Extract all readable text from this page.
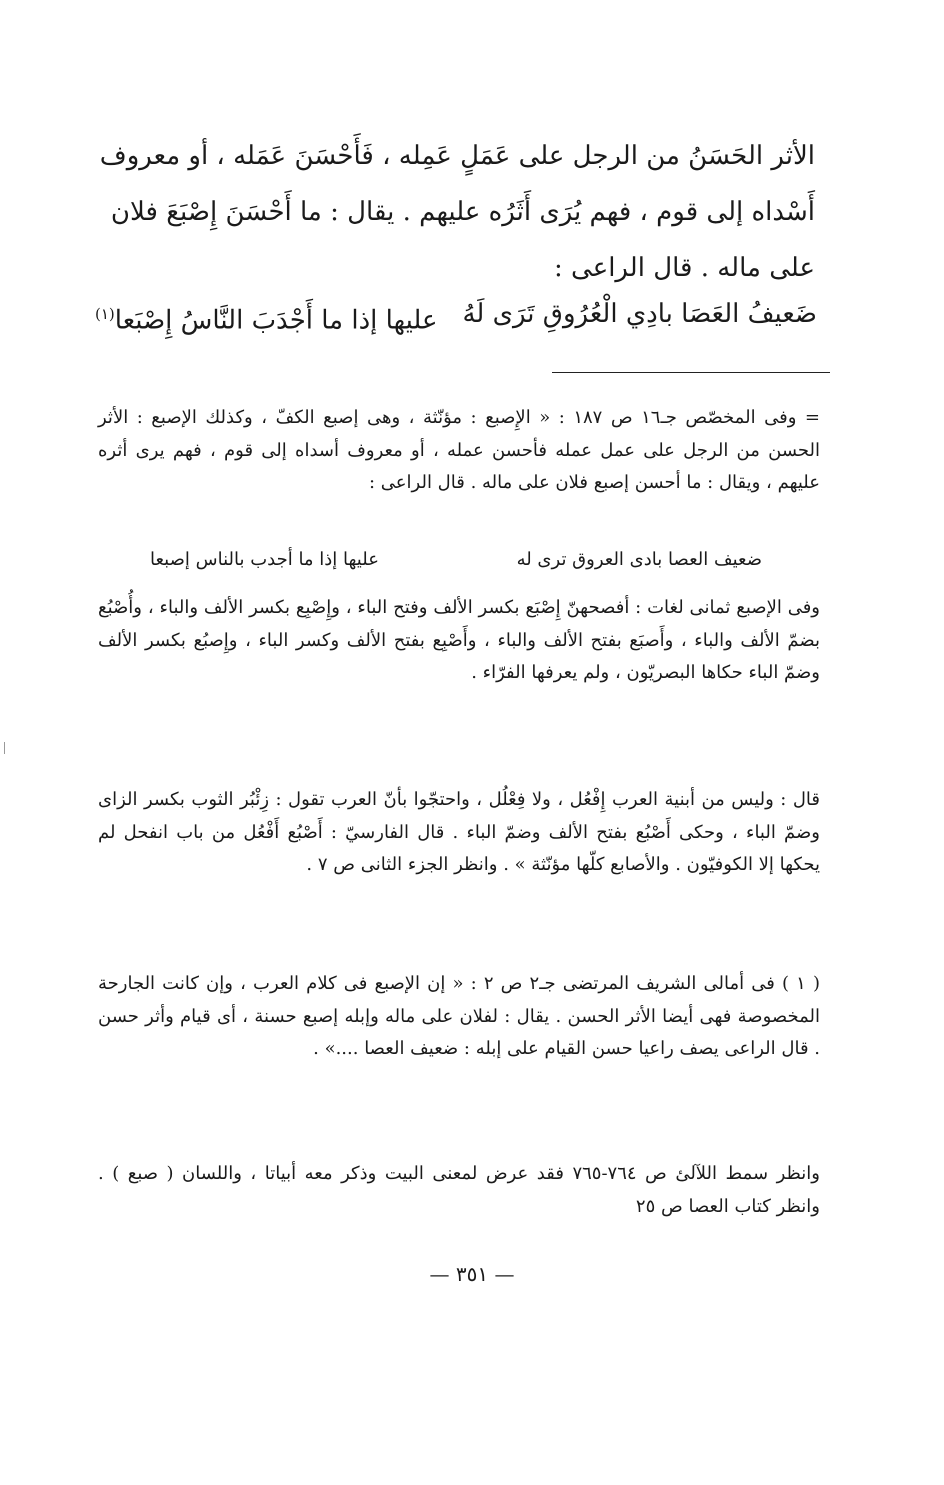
الأثر الحَسَنُ من الرجل على عَمَلٍ عَمِله ، فَأَحْسَنَ عَمَله ، أو معروف

أَسْداه إلى قوم ، فهم يُرَى أَثَرُه عليهم . يقال : ما أَحْسَنَ إِصْبَعَ فلان

على ماله . قال الراعى :

ضَعيفُ العَصَا بادِي الْعُرُوقِ تَرَى لَهُ
عليها إذا ما أَجْدَبَ النَّاسُ إِصْبَعا$^{(١)}$

= وفى المخصّص جـ١٦ ص ١٨٧ : « الإِصبع : مؤنّثة ، وهى إصبع الكفّ ، وكذلك الإصبع : الأثر الحسن من الرجل على عمل عمله فأحسن عمله ، أو معروف أسداه إلى قوم ، فهم يرى أثره عليهم ، ويقال : ما أحسن إصبع فلان على ماله . قال الراعى :

ضعيف العصا بادى العروق ترى له
عليها إذا ما أجدب بالناس إصبعا

وفى الإصبع ثمانى لغات : أفصحهنّ إِصْبَع بكسر الألف وفتح الباء ، وإِصْبِع بكسر الألف والباء ، وأُصْبُع بضمّ الألف والباء ، وأَصبَع بفتح الألف والباء ، وأَصْبِع بفتح الألف وكسر الباء ، وإِصبُع بكسر الألف وضمّ الباء حكاها البصريّون ، ولم يعرفها الفرّاء .

قال : وليس من أبنية العرب إِفْعُل ، ولا فِعْلُل ، واحتجّوا بأنّ العرب تقول : زِئْبُر الثوب بكسر الزاى وضمّ الباء ، وحكى أَصْبُع بفتح الألف وضمّ الباء . قال الفارسيّ : أَصْبُع أَفْعُل من باب انفحل لم يحكها إلا الكوفيّون . والأصابع كلّها مؤنّثة » . وانظر الجزء الثانى ص ٧ .

( ١ ) فى أمالى الشريف المرتضى جـ٢ ص ٢ : « إن الإصبع فى كلام العرب ، وإن كانت الجارحة المخصوصة فهى أيضا الأثر الحسن . يقال : لفلان على ماله وإبله إصبع حسنة ، أى قيام وأثر حسن . قال الراعى يصف راعيا حسن القيام على إبله : ضعيف العصا ....» .

وانظر سمط اللآلئ ص ٧٦٤-٧٦٥ فقد عرض لمعنى البيت وذكر معه أبياتا ، واللسان ( صبع ) . وانظر كتاب العصا ص ٢٥

— ٣٥١ —
